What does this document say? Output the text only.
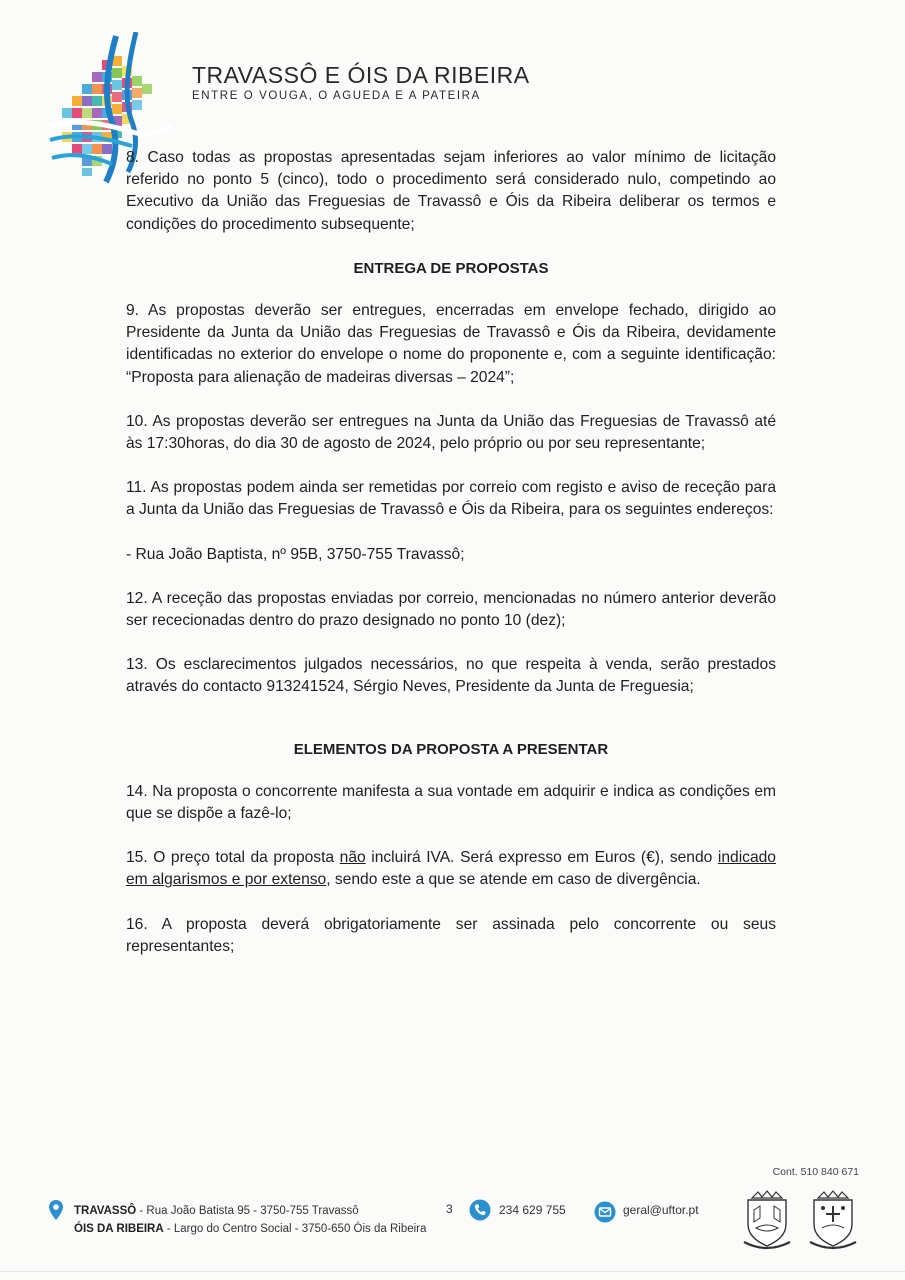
TRAVASSÔ E ÓIS DA RIBEIRA
ENTRE O VOUGA, O AGUEDA E A PATEIRA

8. Caso todas as propostas apresentadas sejam inferiores ao valor mínimo de licitação referido no ponto 5 (cinco), todo o procedimento será considerado nulo, competindo ao Executivo da União das Freguesias de Travassô e Óis da Ribeira deliberar os termos e condições do procedimento subsequente;

ENTREGA DE PROPOSTAS

9. As propostas deverão ser entregues, encerradas em envelope fechado, dirigido ao Presidente da Junta da União das Freguesias de Travassô e Óis da Ribeira, devidamente identificadas no exterior do envelope o nome do proponente e, com a seguinte identificação: “Proposta para alienação de madeiras diversas – 2024”;

10. As propostas deverão ser entregues na Junta da União das Freguesias de Travassô até às 17:30horas, do dia 30 de agosto de 2024, pelo próprio ou por seu representante;

11. As propostas podem ainda ser remetidas por correio com registo e aviso de receção para a Junta da União das Freguesias de Travassô e Óis da Ribeira, para os seguintes endereços:

- Rua João Baptista, nº 95B, 3750-755 Travassô;

12. A receção das propostas enviadas por correio, mencionadas no número anterior deverão ser rececionadas dentro do prazo designado no ponto 10 (dez);

13. Os esclarecimentos julgados necessários, no que respeita à venda, serão prestados através do contacto 913241524, Sérgio Neves, Presidente da Junta de Freguesia;

ELEMENTOS DA PROPOSTA A PRESENTAR

14. Na proposta o concorrente manifesta a sua vontade em adquirir e indica as condições em que se dispõe a fazê-lo;

15. O preço total da proposta não incluirá IVA. Será expresso em Euros (€), sendo indicado em algarismos e por extenso, sendo este a que se atende em caso de divergência.

16. A proposta deverá obrigatoriamente ser assinada pelo concorrente ou seus representantes;

Cont. 510 840 671
TRAVASSÔ - Rua João Batista 95 - 3750-755 Travassô
ÓIS DA RIBEIRA - Largo do Centro Social - 3750-650 Óis da Ribeira
3	234 629 755	geral@uftor.pt
